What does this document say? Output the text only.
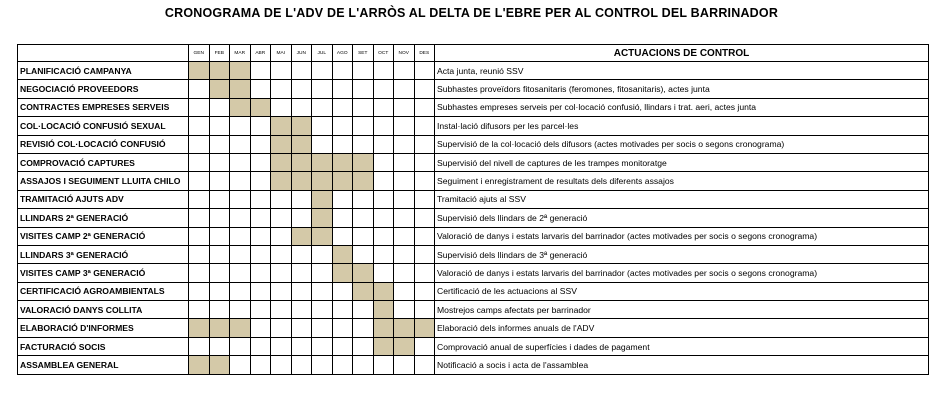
CRONOGRAMA DE L'ADV DE L'ARRÒS AL DELTA DE L'EBRE PER AL CONTROL DEL BARRINADOR
	GEN	FEB	MAR	ABR	MAI	JUN	JUL	AGO	SET	OCT	NOV	DES	ACTUACIONS DE CONTROL
PLANIFICACIÓ CAMPANYA													Acta junta, reunió SSV
NEGOCIACIÓ PROVEEDORS													Subhastes proveïdors fitosanitaris (feromones, fitosanitaris), actes junta
CONTRACTES EMPRESES SERVEIS													Subhastes empreses serveis per col·locació confusió, llindars i trat. aeri, actes junta
COL·LOCACIÓ CONFUSIÓ SEXUAL													Instal·lació difusors per les parcel·les
REVISIÓ COL·LOCACIÓ CONFUSIÓ													Supervisió de la col·locació dels difusors (actes motivades per socis o segons cronograma)
COMPROVACIÓ CAPTURES													Supervisió del nivell de captures de les trampes monitoratge
ASSAJOS I SEGUIMENT LLUITA CHILO													Seguiment i enregistrament de resultats dels diferents assajos
TRAMITACIÓ AJUTS ADV													Tramitació ajuts al SSV
LLINDARS 2ª GENERACIÓ													Supervisió dels llindars de 2ª generació
VISITES CAMP 2ª GENERACIÓ													Valoració de danys i estats larvaris del barrinador (actes motivades per socis o segons cronograma)
LLINDARS 3ª GENERACIÓ													Supervisió dels llindars de 3ª generació
VISITES CAMP 3ª GENERACIÓ													Valoració de danys i estats larvaris del barrinador (actes motivades per socis o segons cronograma)
CERTIFICACIÓ AGROAMBIENTALS													Certificació de les actuacions al SSV
VALORACIÓ DANYS COLLITA													Mostrejos camps afectats per barrinador
ELABORACIÓ D'INFORMES													Elaboració dels informes anuals de l'ADV
FACTURACIÓ SOCIS													Comprovació anual de superfícies i dades de pagament
ASSAMBLEA GENERAL													Notificació a socis i acta de l'assamblea
